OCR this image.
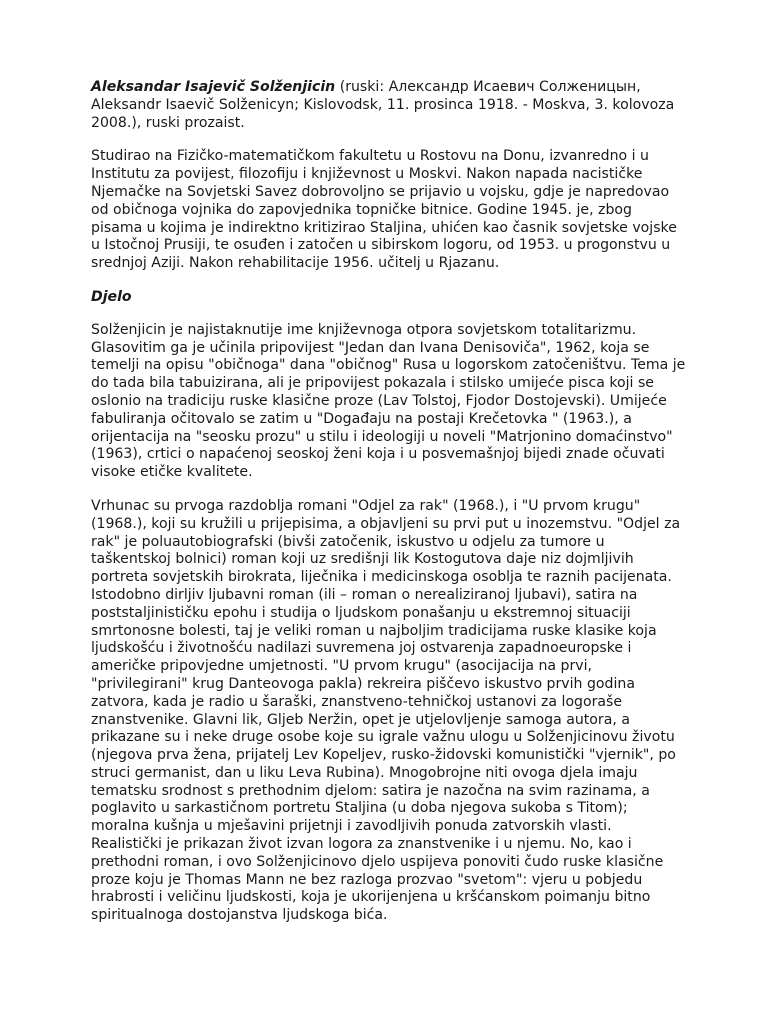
Aleksandar Isajevič Solženjicin (ruski: Александр Исаевич Солженицын, Aleksandr Isaevič Solženicyn; Kislovodsk, 11. prosinca 1918. - Moskva, 3. kolovoza 2008.), ruski prozaist.

Studirao na Fizičko-matematičkom fakultetu u Rostovu na Donu, izvanredno i u Institutu za povijest, filozofiju i književnost u Moskvi. Nakon napada nacističke Njemačke na Sovjetski Savez dobrovoljno se prijavio u vojsku, gdje je napredovao od običnoga vojnika do zapovjednika topničke bitnice. Godine 1945. je, zbog pisama u kojima je indirektno kritizirao Staljina, uhićen kao časnik sovjetske vojske u Istočnoj Prusiji, te osuđen i zatočen u sibirskom logoru, od 1953. u progonstvu u srednjoj Aziji. Nakon rehabilitacije 1956. učitelj u Rjazanu.

Djelo

Solženjicin je najistaknutije ime književnoga otpora sovjetskom totalitarizmu. Glasovitim ga je učinila pripovijest "Jedan dan Ivana Denisoviča", 1962, koja se temelji na opisu "običnoga" dana "običnog" Rusa u logorskom zatočeništvu. Tema je do tada bila tabuizirana, ali je pripovijest pokazala i stilsko umijeće pisca koji se oslonio na tradiciju ruske klasične proze (Lav Tolstoj, Fjodor Dostojevski). Umijeće fabuliranja očitovalo se zatim u "Događaju na postaji Krečetovka " (1963.), a orijentacija na "seosku prozu" u stilu i ideologiji u noveli "Matrjonino domaćinstvo" (1963), crtici o napaćenoj seoskoj ženi koja i u posvemašnjoj bijedi znade očuvati visoke etičke kvalitete.

Vrhunac su prvoga razdoblja romani "Odjel za rak" (1968.), i "U prvom krugu" (1968.), koji su kružili u prijepisima, a objavljeni su prvi put u inozemstvu. "Odjel za rak" je poluautobiografski (bivši zatočenik, iskustvo u odjelu za tumore u taškentskoj bolnici) roman koji uz središnji lik Kostogutova daje niz dojmljivih portreta sovjetskih birokrata, liječnika i medicinskoga osoblja te raznih pacijenata. Istodobno dirljiv ljubavni roman (ili – roman o nerealiziranoj ljubavi), satira na poststaljinističku epohu i studija o ljudskom ponašanju u ekstremnoj situaciji smrtonosne bolesti, taj je veliki roman u najboljim tradicijama ruske klasike koja ljudskošću i životnošću nadilazi suvremena joj ostvarenja zapadnoeuropske i američke pripovjedne umjetnosti. "U prvom krugu" (asocijacija na prvi, "privilegirani" krug Danteovoga pakla) rekreira piščevo iskustvo prvih godina zatvora, kada je radio u šaraški, znanstveno-tehničkoj ustanovi za logoraše znanstvenike. Glavni lik, Gljeb Neržin, opet je utjelovljenje samoga autora, a prikazane su i neke druge osobe koje su igrale važnu ulogu u Solženjicinovu životu (njegova prva žena, prijatelj Lev Kopeljev, rusko-židovski komunistički "vjernik", po struci germanist, dan u liku Leva Rubina). Mnogobrojne niti ovoga djela imaju tematsku srodnost s prethodnim djelom: satira je nazočna na svim razinama, a poglavito u sarkastičnom portretu Staljina (u doba njegova sukoba s Titom); moralna kušnja u mješavini prijetnji i zavodljivih ponuda zatvorskih vlasti. Realistički je prikazan život izvan logora za znanstvenike i u njemu. No, kao i prethodni roman, i ovo Solženjicinovo djelo uspijeva ponoviti čudo ruske klasične proze koju je Thomas Mann ne bez razloga prozvao "svetom": vjeru u pobjedu hrabrosti i veličinu ljudskosti, koja je ukorijenjena u kršćanskom poimanju bitno spiritualnoga dostojanstva ljudskoga bića.
